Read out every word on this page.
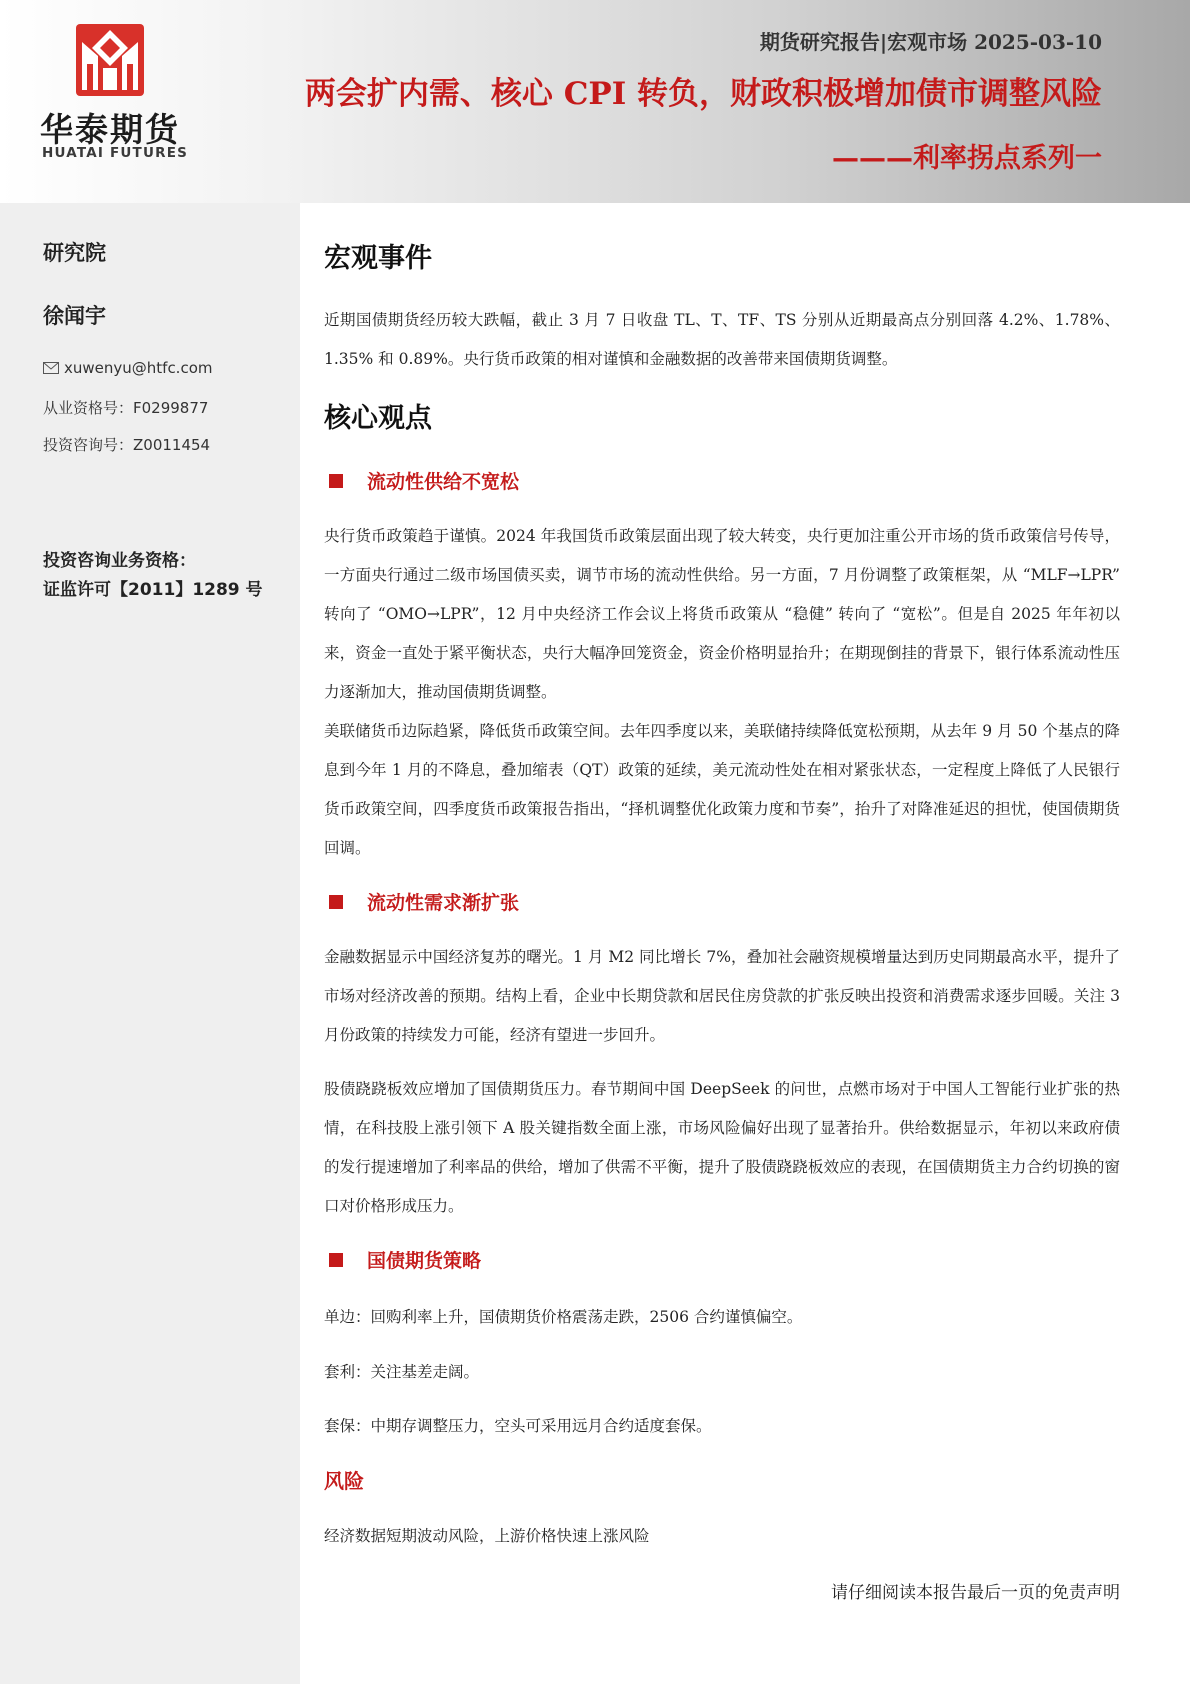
华泰期货
HUATAI FUTURES
期货研究报告|宏观市场 2025-03-10
两会扩内需、核心 CPI 转负，财政积极增加债市调整风险
———利率拐点系列一
研究院
徐闻宇
xuwenyu@htfc.com
从业资格号：F0299877
投资咨询号：Z0011454
投资咨询业务资格：
证监许可【2011】1289 号
宏观事件

近期国债期货经历较大跌幅，截止 3 月 7 日收盘 TL、T、TF、TS 分别从近期最高点分别回落 4.2%、1.78%、1.35% 和 0.89%。央行货币政策的相对谨慎和金融数据的改善带来国债期货调整。

核心观点
流动性供给不宽松

央行货币政策趋于谨慎。2024 年我国货币政策层面出现了较大转变，央行更加注重公开市场的货币政策信号传导，一方面央行通过二级市场国债买卖，调节市场的流动性供给。另一方面，7 月份调整了政策框架，从 “MLF→LPR” 转向了 “OMO→LPR”，12 月中央经济工作会议上将货币政策从 “稳健” 转向了 “宽松”。但是自 2025 年年初以来，资金一直处于紧平衡状态，央行大幅净回笼资金，资金价格明显抬升；在期现倒挂的背景下，银行体系流动性压力逐渐加大，推动国债期货调整。

美联储货币边际趋紧，降低货币政策空间。去年四季度以来，美联储持续降低宽松预期，从去年 9 月 50 个基点的降息到今年 1 月的不降息，叠加缩表（QT）政策的延续，美元流动性处在相对紧张状态，一定程度上降低了人民银行货币政策空间，四季度货币政策报告指出，“择机调整优化政策力度和节奏”，抬升了对降准延迟的担忧，使国债期货回调。

流动性需求渐扩张

金融数据显示中国经济复苏的曙光。1 月 M2 同比增长 7%，叠加社会融资规模增量达到历史同期最高水平，提升了市场对经济改善的预期。结构上看，企业中长期贷款和居民住房贷款的扩张反映出投资和消费需求逐步回暖。关注 3 月份政策的持续发力可能，经济有望进一步回升。

股债跷跷板效应增加了国债期货压力。春节期间中国 DeepSeek 的问世，点燃市场对于中国人工智能行业扩张的热情，在科技股上涨引领下 A 股关键指数全面上涨，市场风险偏好出现了显著抬升。供给数据显示，年初以来政府债的发行提速增加了利率品的供给，增加了供需不平衡，提升了股债跷跷板效应的表现，在国债期货主力合约切换的窗口对价格形成压力。

国债期货策略
单边：回购利率上升，国债期货价格震荡走跌，2506 合约谨慎偏空。
套利：关注基差走阔。
套保：中期存调整压力，空头可采用远月合约适度套保。
风险
经济数据短期波动风险，上游价格快速上涨风险
请仔细阅读本报告最后一页的免责声明
